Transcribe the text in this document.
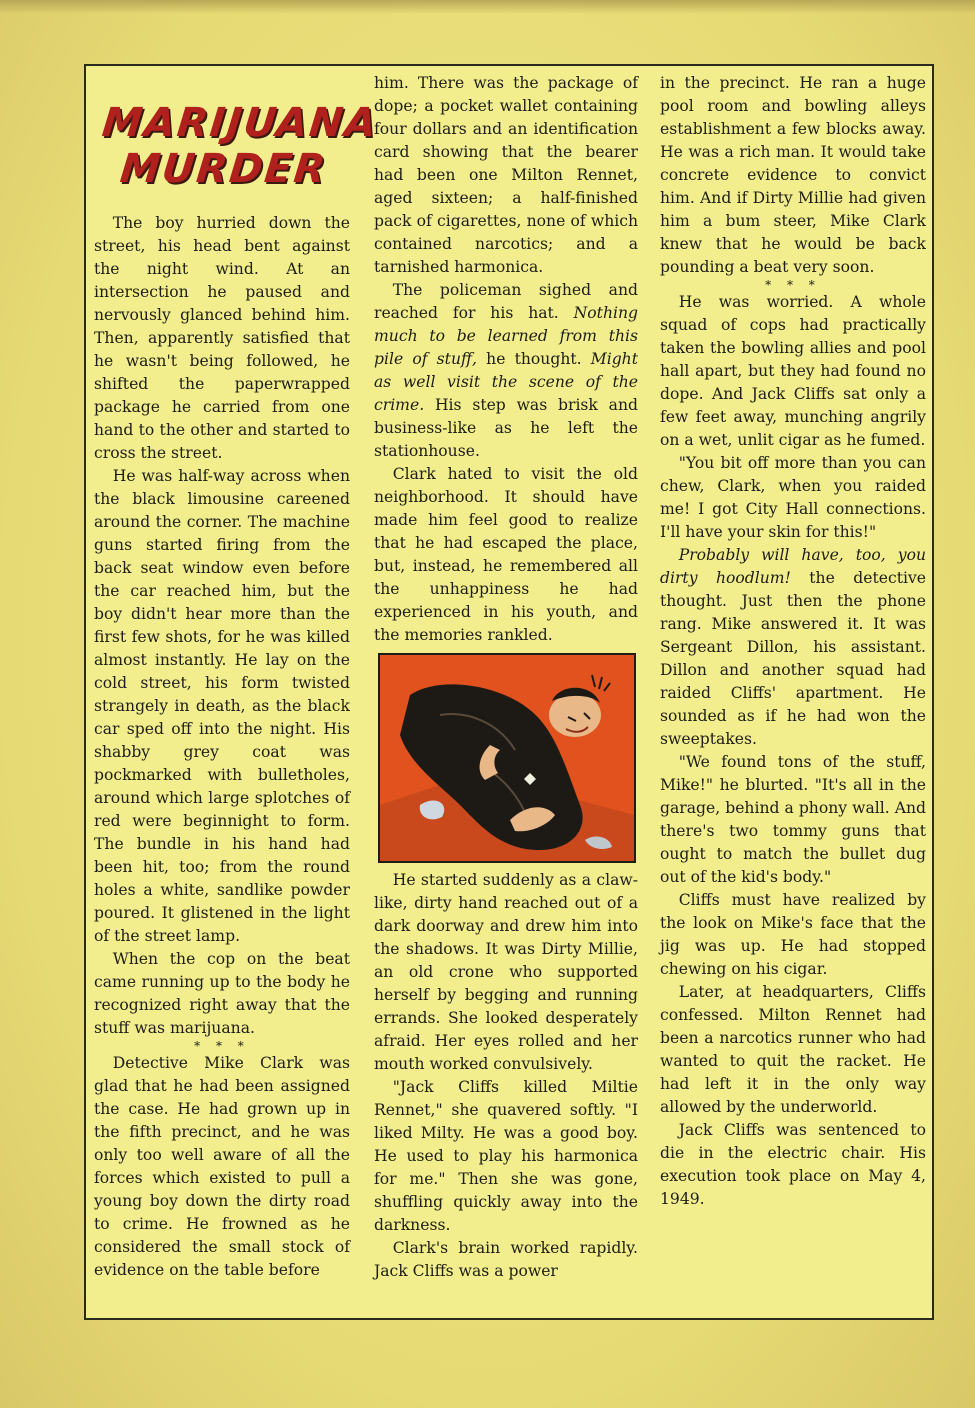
MARIJUANA
MURDER

The boy hurried down the street, his head bent against the night wind. At an intersection he paused and nervously glanced behind him. Then, apparently satisfied that he wasn't being followed, he shifted the paperwrapped package he carried from one hand to the other and started to cross the street.

He was half-way across when the black limousine careened around the corner. The machine guns started firing from the back seat window even before the car reached him, but the boy didn't hear more than the first few shots, for he was killed almost instantly. He lay on the cold street, his form twisted strangely in death, as the black car sped off into the night. His shabby grey coat was pockmarked with bulletholes, around which large splotches of red were beginnight to form. The bundle in his hand had been hit, too; from the round holes a white, sandlike powder poured. It glistened in the light of the street lamp.

When the cop on the beat came running up to the body he recognized right away that the stuff was marijuana.

* * *

Detective Mike Clark was glad that he had been assigned the case. He had grown up in the fifth precinct, and he was only too well aware of all the forces which existed to pull a young boy down the dirty road to crime. He frowned as he considered the small stock of evidence on the table before

him. There was the package of dope; a pocket wallet containing four dollars and an identification card showing that the bearer had been one Milton Rennet, aged sixteen; a half-finished pack of cigarettes, none of which contained narcotics; and a tarnished harmonica.

The policeman sighed and reached for his hat. Nothing much to be learned from this pile of stuff, he thought. Might as well visit the scene of the crime. His step was brisk and business-like as he left the stationhouse.

Clark hated to visit the old neighborhood. It should have made him feel good to realize that he had escaped the place, but, instead, he remembered all the unhappiness he had experienced in his youth, and the memories rankled.

He started suddenly as a claw-like, dirty hand reached out of a dark doorway and drew him into the shadows. It was Dirty Millie, an old crone who supported herself by begging and running errands. She looked desperately afraid. Her eyes rolled and her mouth worked convulsively.

"Jack Cliffs killed Miltie Rennet," she quavered softly. "I liked Milty. He was a good boy. He used to play his harmonica for me." Then she was gone, shuffling quickly away into the darkness.

Clark's brain worked rapidly. Jack Cliffs was a power

in the precinct. He ran a huge pool room and bowling alleys establishment a few blocks away. He was a rich man. It would take concrete evidence to convict him. And if Dirty Millie had given him a bum steer, Mike Clark knew that he would be back pounding a beat very soon.

* * *

He was worried. A whole squad of cops had practically taken the bowling allies and pool hall apart, but they had found no dope. And Jack Cliffs sat only a few feet away, munching angrily on a wet, unlit cigar as he fumed.

"You bit off more than you can chew, Clark, when you raided me! I got City Hall connections. I'll have your skin for this!"

Probably will have, too, you dirty hoodlum! the detective thought. Just then the phone rang. Mike answered it. It was Sergeant Dillon, his assistant. Dillon and another squad had raided Cliffs' apartment. He sounded as if he had won the sweeptakes.

"We found tons of the stuff, Mike!" he blurted. "It's all in the garage, behind a phony wall. And there's two tommy guns that ought to match the bullet dug out of the kid's body."

Cliffs must have realized by the look on Mike's face that the jig was up. He had stopped chewing on his cigar.

Later, at headquarters, Cliffs confessed. Milton Rennet had been a narcotics runner who had wanted to quit the racket. He had left it in the only way allowed by the underworld.

Jack Cliffs was sentenced to die in the electric chair. His execution took place on May 4, 1949.
